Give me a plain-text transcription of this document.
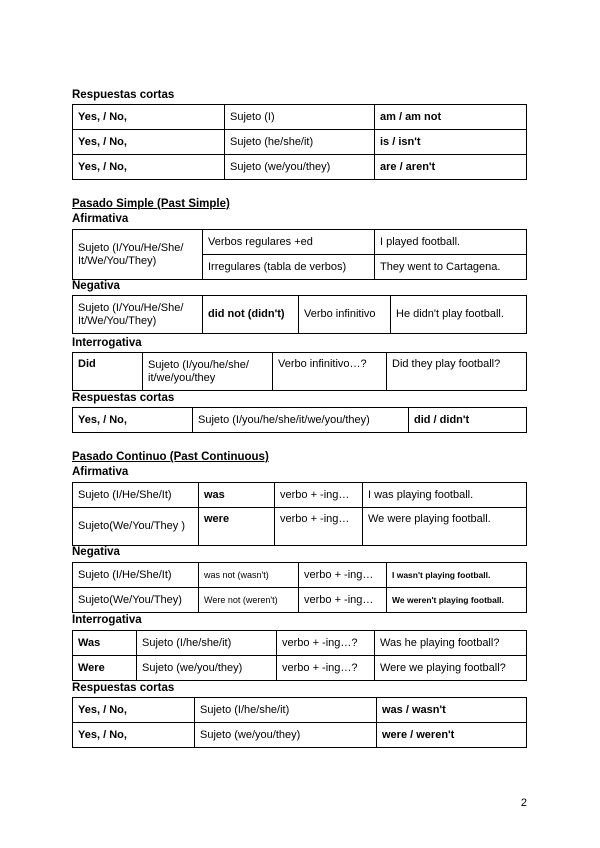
Respuestas cortas
Yes, / No,	Sujeto (I)	am / am not
Yes, / No,	Sujeto (he/she/it)	is / isn't
Yes, / No,	Sujeto (we/you/they)	are / aren't
Pasado Simple (Past Simple)
Afirmativa
Sujeto (I/You/He/She/ It/We/You/They)	Verbos regulares +ed	I played football.
	Irregulares (tabla de verbos)	They went to Cartagena.
Negativa
Sujeto (I/You/He/She/ It/We/You/They)	did not (didn't)	Verbo infinitivo	He didn't play football.
Interrogativa
Did	Sujeto (I/you/he/she/ it/we/you/they	Verbo infinitivo…?	Did they play football?
Respuestas cortas
Yes, / No,	Sujeto (I/you/he/she/it/we/you/they)	did / didn't
Pasado Continuo (Past Continuous)
Afirmativa
Sujeto (I/He/She/It)	was	verbo + -ing…	I was playing football.
Sujeto(We/You/They )	were	verbo + -ing…	We were playing football.
Negativa
Sujeto (I/He/She/It)	was not (wasn't)	verbo + -ing…	I wasn't playing football.
Sujeto(We/You/They)	Were not (weren't)	verbo + -ing…	We weren't playing football.
Interrogativa
Was	Sujeto (I/he/she/it)	verbo + -ing…?	Was he playing football?
Were	Sujeto (we/you/they)	verbo + -ing…?	Were we playing football?
Respuestas cortas
Yes, / No,	Sujeto (I/he/she/it)	was / wasn't
Yes, / No,	Sujeto (we/you/they)	were / weren't
2
